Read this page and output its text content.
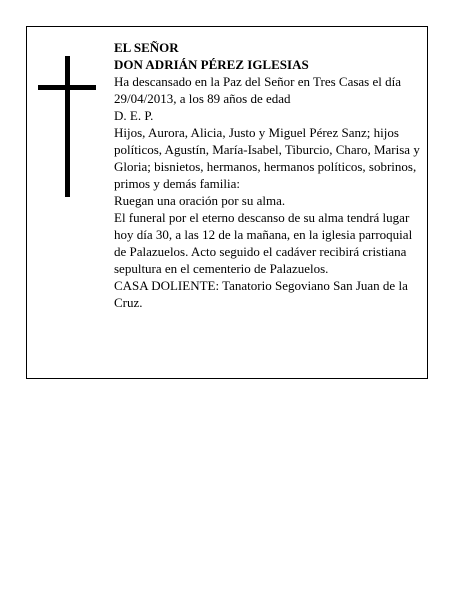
EL SEÑOR

DON ADRIÁN PÉREZ IGLESIAS

Ha descansado en la Paz del Señor en Tres Casas el día 29/04/2013, a los 89 años de edad

D. E. P.

Hijos, Aurora, Alicia, Justo y Miguel Pérez Sanz; hijos políticos, Agustín, María-Isabel, Tiburcio, Charo, Marisa y Gloria; bisnietos, hermanos, hermanos políticos, sobrinos, primos y demás familia:

Ruegan una oración por su alma.

El funeral por el eterno descanso de su alma tendrá lugar hoy día 30, a las 12 de la mañana, en la iglesia parroquial de Palazuelos. Acto seguido el cadáver recibirá cristiana sepultura en el cementerio de Palazuelos.

CASA DOLIENTE: Tanatorio Segoviano San Juan de la Cruz.
